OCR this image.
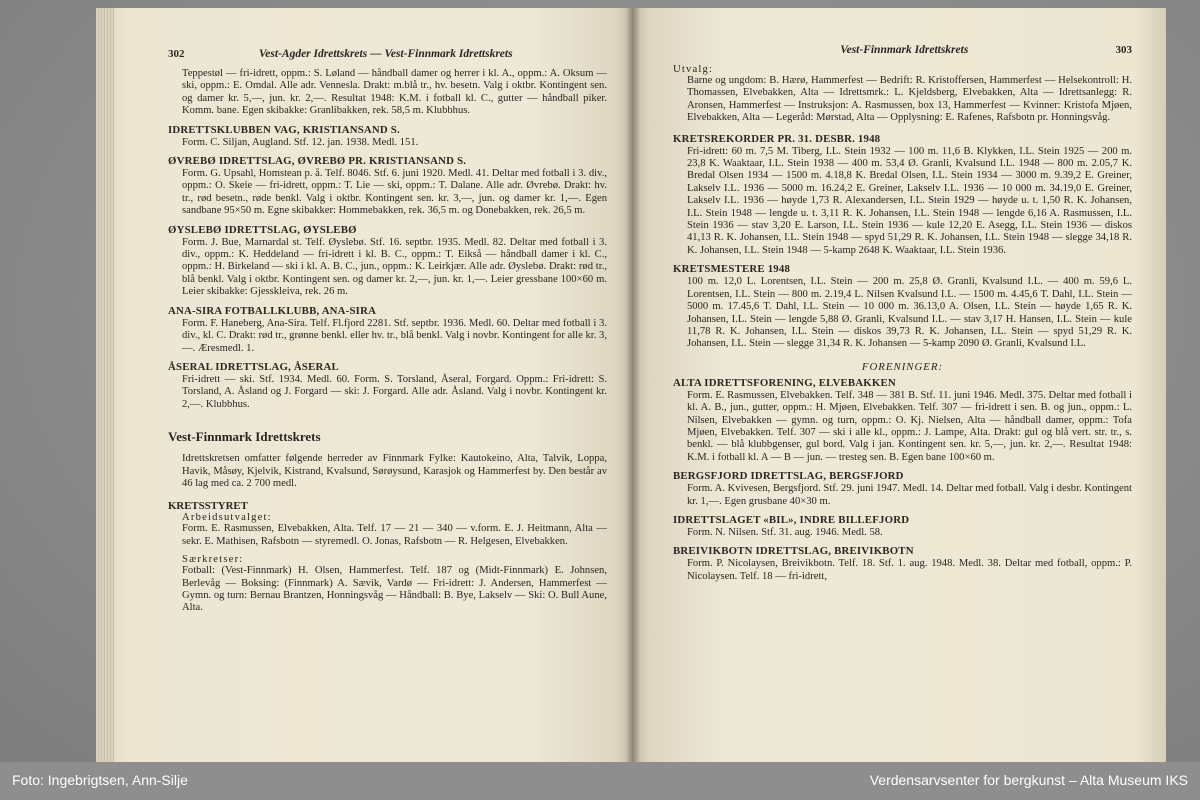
302	Vest-Agder Idrettskrets — Vest-Finnmark Idrettskrets

Teppestøl — fri-idrett, oppm.: S. Løland — håndball damer og herrer i kl. A., oppm.: A. Oksum — ski, oppm.: E. Omdal. Alle adr. Vennesla. Drakt: m.blå tr., hv. besetn. Valg i oktbr. Kontingent sen. og damer kr. 5,—, jun. kr. 2,—. Resultat 1948: K.M. i fotball kl. C., gutter — håndball piker. Komm. bane. Egen skibakke: Granlibakken, rek. 58,5 m. Klubbhus.

IDRETTSKLUBBEN VAG, KRISTIANSAND S.

Form. C. Siljan, Augland. Stf. 12. jan. 1938. Medl. 151.

ØVREBØ IDRETTSLAG, ØVREBØ PR. KRISTIANSAND S.

Form. G. Upsahl, Homstean p. å. Telf. 8046. Stf. 6. juni 1920. Medl. 41. Deltar med fotball i 3. div., oppm.: O. Skeie — fri-idrett, oppm.: T. Lie — ski, oppm.: T. Dalane. Alle adr. Øvrebø. Drakt: hv. tr., rød besetn., røde benkl. Valg i oktbr. Kontingent sen. kr. 3,—, jun. og damer kr. 1,—. Egen sandbane 95×50 m. Egne skibakker: Hommebakken, rek. 36,5 m. og Donebakken, rek. 26,5 m.

ØYSLEBØ IDRETTSLAG, ØYSLEBØ

Form. J. Bue, Marnardal st. Telf. Øyslebø. Stf. 16. septbr. 1935. Medl. 82. Deltar med fotball i 3. div., oppm.: K. Heddeland — fri-idrett i kl. B. C., oppm.: T. Eikså — håndball damer i kl. C., oppm.: H. Birkeland — ski i kl. A. B. C., jun., oppm.: K. Leirkjær. Alle adr. Øyslebø. Drakt: rød tr., blå benkl. Valg i oktbr. Kontingent sen. og damer kr. 2,—, jun. kr. 1,—. Leier gressbane 100×60 m. Leier skibakke: Gjesskleiva, rek. 26 m.

ANA-SIRA FOTBALLKLUBB, ANA-SIRA

Form. F. Haneberg, Ana-Sira. Telf. Fl.fjord 2281. Stf. septbr. 1936. Medl. 60. Deltar med fotball i 3. div., kl. C. Drakt: rød tr., grønne benkl. eller hv. tr., blå benkl. Valg i novbr. Kontingent for alle kr. 3,—. Æresmedl. 1.

ÅSERAL IDRETTSLAG, ÅSERAL

Fri-idrett — ski. Stf. 1934. Medl. 60. Form. S. Torsland, Åseral, Forgard. Oppm.: Fri-idrett: S. Torsland, A. Åsland og J. Forgard — ski: J. Forgard. Alle adr. Åsland. Valg i novbr. Kontingent kr. 2,—. Klubbhus.

Vest-Finnmark Idrettskrets

Idrettskretsen omfatter følgende herreder av Finnmark Fylke: Kautokeino, Alta, Talvik, Loppa, Havik, Måsøy, Kjelvik, Kistrand, Kvalsund, Sørøysund, Karasjok og Hammerfest by. Den består av 46 lag med ca. 2 700 medl.

KRETSSTYRET

Arbeidsutvalget:

Form. E. Rasmussen, Elvebakken, Alta. Telf. 17 — 21 — 340 — v.form. E. J. Heitmann, Alta — sekr. E. Mathisen, Rafsbotn — styremedl. O. Jonas, Rafsbotn — R. Helgesen, Elvebakken.

Særkretser:

Fotball: (Vest-Finnmark) H. Olsen, Hammerfest. Telf. 187 og (Midt-Finnmark) E. Johnsen, Berlevåg — Boksing: (Finnmark) A. Sævik, Vardø — Fri-idrett: J. Andersen, Hammerfest — Gymn. og turn: Bernau Brantzen, Honningsvåg — Håndball: B. Bye, Lakselv — Ski: O. Bull Aune, Alta.

Vest-Finnmark Idrettskrets	303

Utvalg:

Barne og ungdom: B. Hærø, Hammerfest — Bedrift: R. Kristoffersen, Hammerfest — Helsekontroll: H. Thomassen, Elvebakken, Alta — Idrettsmrk.: L. Kjeldsberg, Elvebakken, Alta — Idrettsanlegg: R. Aronsen, Hammerfest — Instruksjon: A. Rasmussen, box 13, Hammerfest — Kvinner: Kristofa Mjøen, Elvebakken, Alta — Legeråd: Mørstad, Alta — Opplysning: E. Rafenes, Rafsbotn pr. Honningsvåg.

KRETSREKORDER PR. 31. DESBR. 1948

Fri-idrett: 60 m. 7,5 M. Tiberg, I.L. Stein 1932 — 100 m. 11,6 B. Klykken, I.L. Stein 1925 — 200 m. 23,8 K. Waaktaar, I.L. Stein 1938 — 400 m. 53,4 Ø. Granli, Kvalsund I.L. 1948 — 800 m. 2.05,7 K. Bredal Olsen 1934 — 1500 m. 4.18,8 K. Bredal Olsen, I.L. Stein 1934 — 3000 m. 9.39,2 E. Greiner, Lakselv I.L. 1936 — 5000 m. 16.24,2 E. Greiner, Lakselv I.L. 1936 — 10 000 m. 34.19,0 E. Greiner, Lakselv I.L. 1936 — høyde 1,73 R. Alexandersen, I.L. Stein 1929 — høyde u. t. 1,50 R. K. Johansen, I.L. Stein 1948 — lengde u. t. 3,11 R. K. Johansen, I.L. Stein 1948 — lengde 6,16 A. Rasmussen, I.L. Stein 1936 — stav 3,20 E. Larson, I.L. Stein 1936 — kule 12,20 E. Asegg, I.L. Stein 1936 — diskos 41,13 R. K. Johansen, I.L. Stein 1948 — spyd 51,29 R. K. Johansen, I.L. Stein 1948 — slegge 34,18 R. K. Johansen, I.L. Stein 1948 — 5-kamp 2648 K. Waaktaar, I.L. Stein 1936.

KRETSMESTERE 1948

100 m. 12,0 L. Lorentsen, I.L. Stein — 200 m. 25,8 Ø. Granli, Kvalsund I.L. — 400 m. 59,6 L. Lorentsen, I.L. Stein — 800 m. 2.19,4 L. Nilsen Kvalsund I.L. — 1500 m. 4.45,6 T. Dahl, I.L. Stein — 5000 m. 17.45,6 T. Dahl, I.L. Stein — 10 000 m. 36.13,0 A. Olsen, I.L. Stein — høyde 1,65 R. K. Johansen, I.L. Stein — lengde 5,88 Ø. Granli, Kvalsund I.L. — stav 3,17 H. Hansen, I.L. Stein — kule 11,78 R. K. Johansen, I.L. Stein — diskos 39,73 R. K. Johansen, I.L. Stein — spyd 51,29 R. K. Johansen, I.L. Stein — slegge 31,34 R. K. Johansen — 5-kamp 2090 Ø. Granli, Kvalsund I.L.

FORENINGER:

ALTA IDRETTSFORENING, ELVEBAKKEN

Form. E. Rasmussen, Elvebakken. Telf. 348 — 381 B. Stf. 11. juni 1946. Medl. 375. Deltar med fotball i kl. A. B., jun., gutter, oppm.: H. Mjøen, Elvebakken. Telf. 307 — fri-idrett i sen. B. og jun., oppm.: L. Nilsen, Elvebakken — gymn. og turn, oppm.: O. Kj. Nielsen, Alta — håndball damer, oppm.: Tofa Mjøen, Elvebakken. Telf. 307 — ski i alle kl., oppm.: J. Lampe, Alta. Drakt: gul og blå vert. str. tr., s. benkl. — blå klubbgenser, gul bord. Valg i jan. Kontingent sen. kr. 5,—, jun. kr. 2,—. Resultat 1948: K.M. i fotball kl. A — B — jun. — tresteg sen. B. Egen bane 100×60 m.

BERGSFJORD IDRETTSLAG, BERGSFJORD

Form. A. Kvivesen, Bergsfjord. Stf. 29. juni 1947. Medl. 14. Deltar med fotball. Valg i desbr. Kontingent kr. 1,—. Egen grusbane 40×30 m.

IDRETTSLAGET «BIL», INDRE BILLEFJORD

Form. N. Nilsen. Stf. 31. aug. 1946. Medl. 58.

BREIVIKBOTN IDRETTSLAG, BREIVIKBOTN

Form. P. Nicolaysen, Breivikbotn. Telf. 18. Stf. 1. aug. 1948. Medl. 38. Deltar med fotball, oppm.: P. Nicolaysen. Telf. 18 — fri-idrett,

Foto: Ingebrigtsen, Ann-Silje	Verdensarvsenter for bergkunst – Alta Museum IKS
